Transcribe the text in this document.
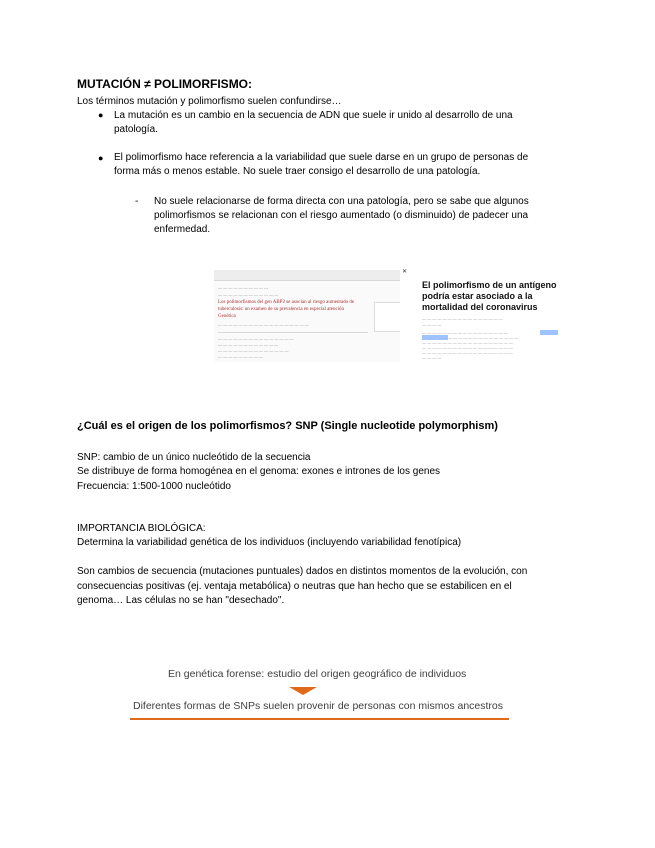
MUTACIÓN ≠ POLIMORFISMO:
Los términos mutación y polimorfismo suelen confundirse…
● La mutación es un cambio en la secuencia de ADN que suele ir unido al desarrollo de una
patología.
● El polimorfismo hace referencia a la variabilidad que suele darse en un grupo de personas de
forma más o menos estable. No suele traer consigo el desarrollo de una patología.
- No suele relacionarse de forma directa con una patología, pero se sabe que algunos
polimorfismos se relacionan con el riesgo aumentado (o disminuido) de padecer una
enfermedad.
— — — — — — — — — —
— — — — — — — — — — — —
Los polimorfismos del gen ABP2 se asocian al riesgo aumentado de
tuberculosis: un examen de su prevalencia en especial atención
Genética
— — — — — — — — — — — — — — — — — —
— — — — — — — — — — — — — — —
— — — — — — — — — — — —
— — — — — — — — — — — — — —
— — — — — — — — —
✕
El polimorfismo de un antígeno
podría estar asociado a la
mortalidad del coronavirus
— — — — — — — — — — — — — — — —
— — — —
— — — — — — — — — — — — — — — — —
— — — — — — — — — — — — — —
— — — — — — — — — — — — — — — — — —
— — — — — — — — — — — — — — — — — —
— — — — — — — — — — — — — — — — — —
— — — —
¿Cuál es el origen de los polimorfismos? SNP (Single nucleotide polymorphism)
SNP: cambio de un único nucleótido de la secuencia
Se distribuye de forma homogénea en el genoma: exones e intrones de los genes
Frecuencia: 1:500-1000 nucleótido
IMPORTANCIA BIOLÓGICA:
Determina la variabilidad genética de los individuos (incluyendo variabilidad fenotípica)
Son cambios de secuencia (mutaciones puntuales) dados en distintos momentos de la evolución, con
consecuencias positivas (ej. ventaja metabólica) o neutras que han hecho que se estabilicen en el
genoma… Las células no se han "desechado".
En genética forense: estudio del origen geográfico de individuos
Diferentes formas de SNPs suelen provenir de personas con mismos ancestros
